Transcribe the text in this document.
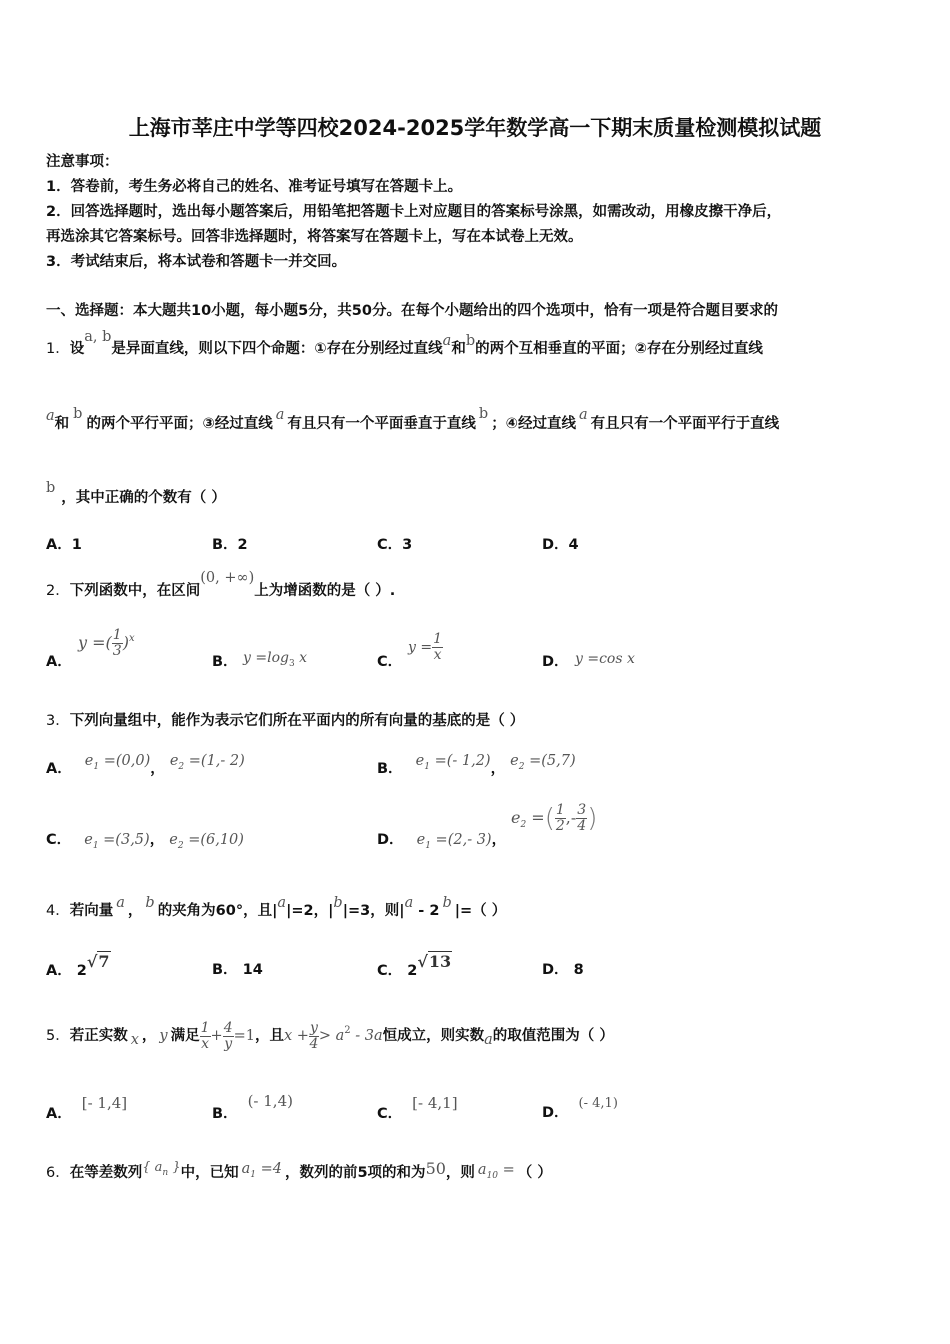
上海市莘庄中学等四校2024-2025学年数学高一下期末质量检测模拟试题
注意事项：
1．答卷前，考生务必将自己的姓名、准考证号填写在答题卡上。
2．回答选择题时，选出每小题答案后，用铅笔把答题卡上对应题目的答案标号涂黑，如需改动，用橡皮擦干净后，
再选涂其它答案标号。回答非选择题时，将答案写在答题卡上，写在本试卷上无效。
3．考试结束后，将本试卷和答题卡一并交回。
一、选择题：本大题共10小题，每小题5分，共50分。在每个小题给出的四个选项中，恰有一项是符合题目要求的
1．设a, b是异面直线，则以下四个命题：①存在分别经过直线a和b的两个互相垂直的平面；②存在分别经过直线
a和b的两个平行平面；③经过直线a有且只有一个平面垂直于直线b；④经过直线a有且只有一个平面平行于直线
b，其中正确的个数有（ ）
A．1	B．2	C．3	D．4
2．下列函数中，在区间(0, +∞)上为增函数的是（ ）.
A．
y =( $\frac{1}{3} )^x$
B． $y =\log_3$ x	C．
$y = \frac{1}{x}$	D． y =cos x
3．下列向量组中，能作为表示它们所在平面内的所有向量的基底的是（ ）
A． $e_1 =(0,0)$， $e_2 =(1,-$ 2)	B． $e_1$ =(- 1,2)， $e_2 =(5,7)$
C． $e_1 =(3,5)$， $e_2 =(6,10)$	D． $e_1 =(2,-$ 3)，
$e_2$ =( $\frac{1}{2}$ ,- $\frac{3}{4}$ )
4．若向量 a ， b 的夹角为60°，且|a|=2，|b|=3，则|a - 2 b |=（ ）
A． 2√7	B． 14	C． 2√13	D． 8
5．若正实数 x ， y 满足 $\frac{1}{x} + \frac{4}{y} =1$，且$x + \frac{y}{4} > a^2 - 3a$恒成立，则实数a的取值范围为（ ）
A．[- 1,4]
B．(- 1,4)
C．[- 4,1]
D．(- 4,1)
6．在等差数列{ $a_n$ }中，已知 $a_1 =4$ ，数列的前5项的和为50，则 $a_{10}$ = （ ）
